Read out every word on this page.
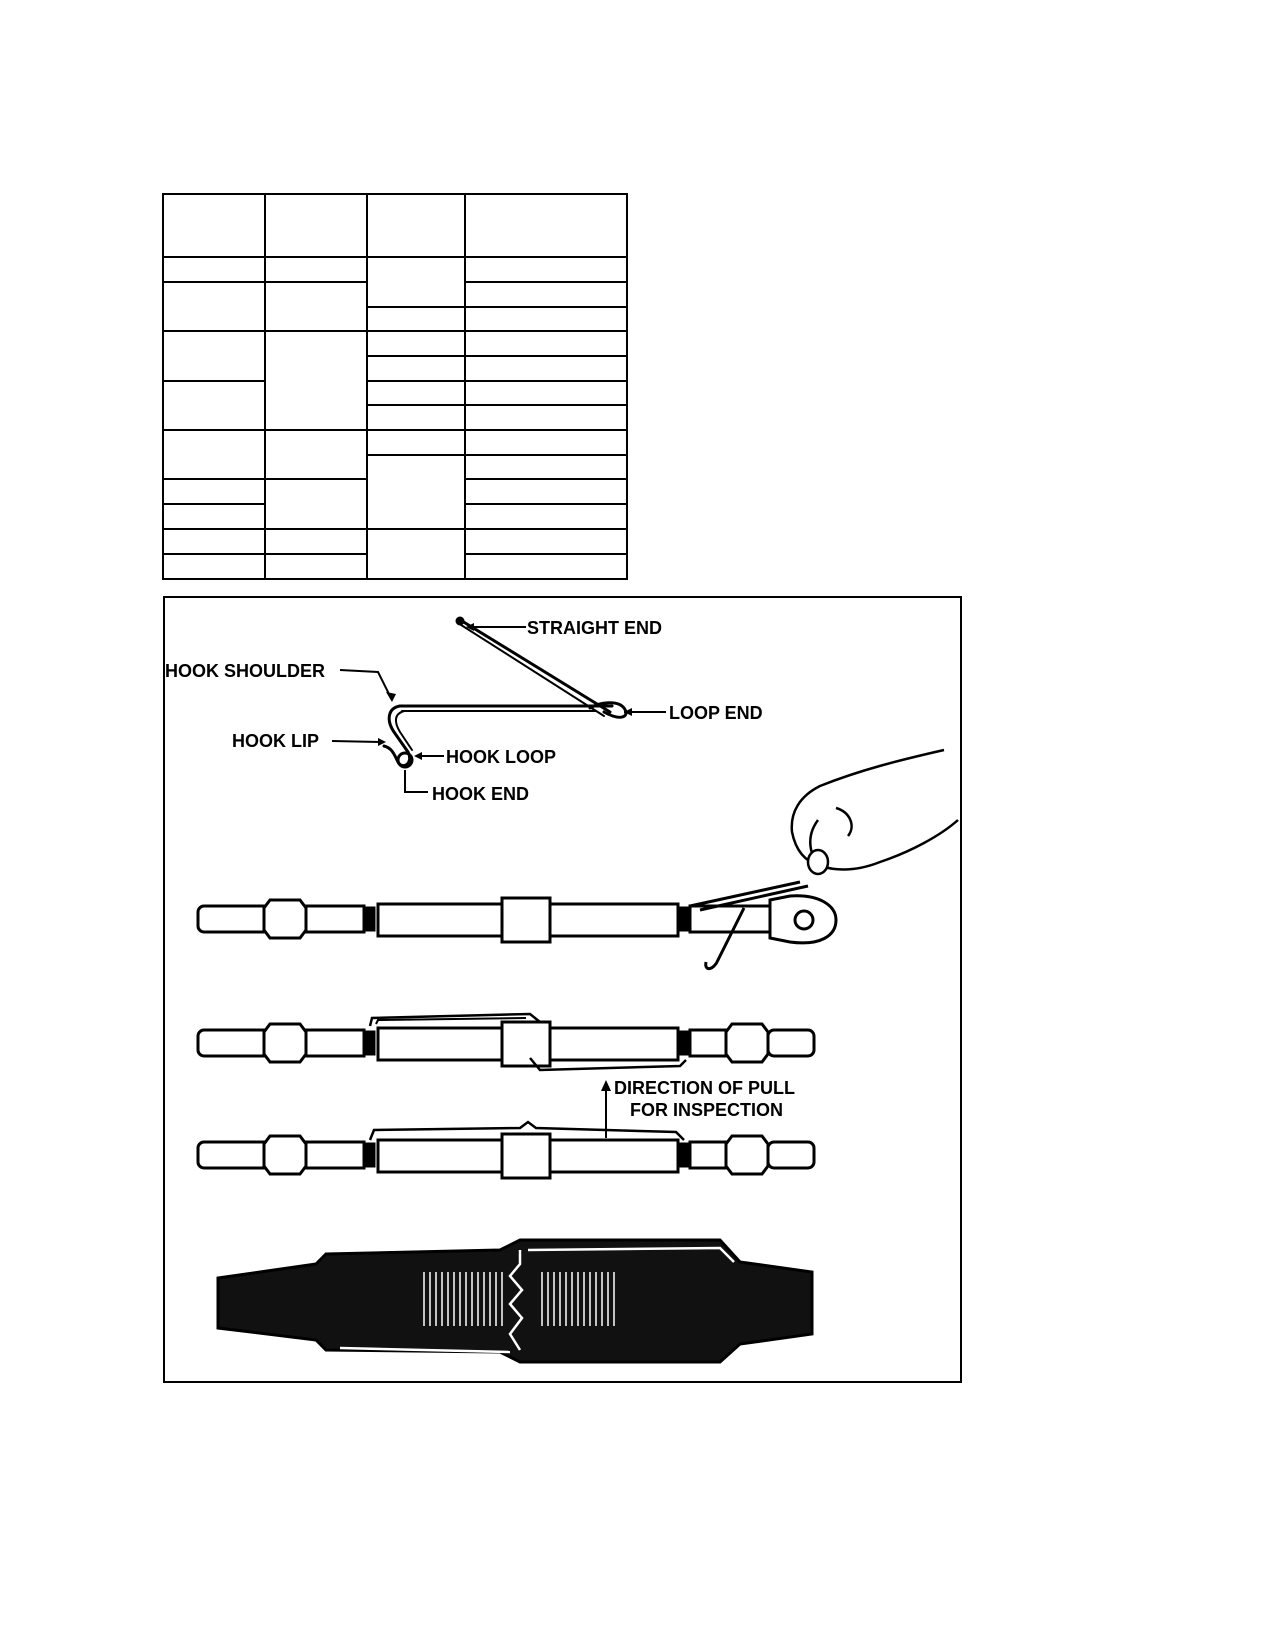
STRAIGHT END
HOOK SHOULDER
LOOP END
HOOK LIP
HOOK LOOP
HOOK END
DIRECTION OF PULL
FOR INSPECTION
